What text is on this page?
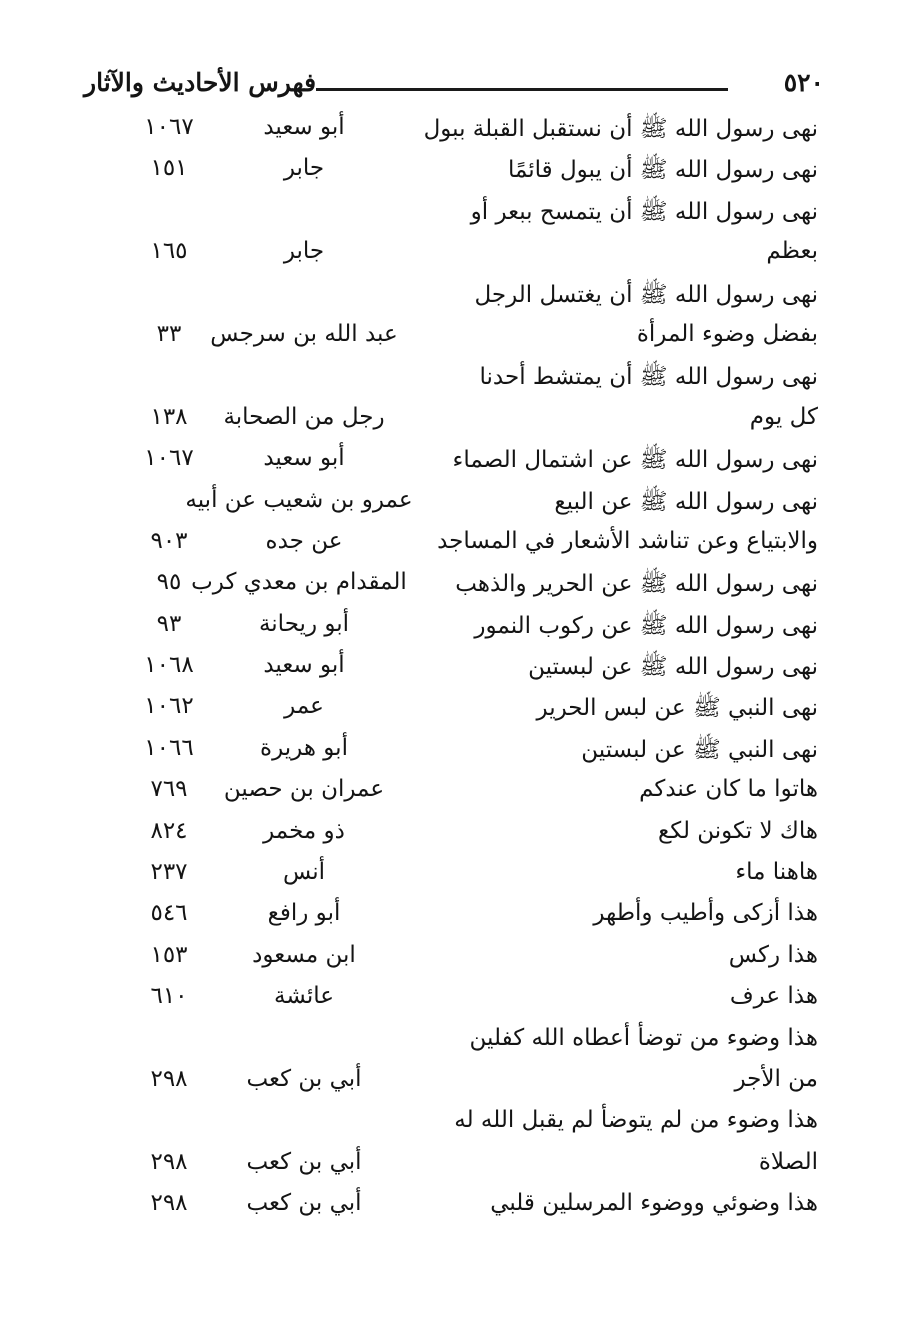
فهرس الأحاديث والآثار	٥٢٠
نهى رسول الله ﷺ أن نستقبل القبلة ببول
أبو سعيد
١٠٦٧
نهى رسول الله ﷺ أن يبول قائمًا
جابر
١٥١
نهى رسول الله ﷺ أن يتمسح ببعر أو
بعظم
جابر
١٦٥
نهى رسول الله ﷺ أن يغتسل الرجل
بفضل وضوء المرأة
عبد الله بن سرجس
٣٣
نهى رسول الله ﷺ أن يمتشط أحدنا
كل يوم
رجل من الصحابة
١٣٨
نهى رسول الله ﷺ عن اشتمال الصماء
أبو سعيد
١٠٦٧
نهى رسول الله ﷺ عن البيع
عمرو بن شعيب عن أبيه
والابتياع وعن تناشد الأشعار في المساجد
عن جده
٩٠٣
نهى رسول الله ﷺ عن الحرير والذهب
المقدام بن معدي كرب
٩٥
نهى رسول الله ﷺ عن ركوب النمور
أبو ريحانة
٩٣
نهى رسول الله ﷺ عن لبستين
أبو سعيد
١٠٦٨
نهى النبي ﷺ عن لبس الحرير
عمر
١٠٦٢
نهى النبي ﷺ عن لبستين
أبو هريرة
١٠٦٦
هاتوا ما كان عندكم
عمران بن حصين
٧٦٩
هاك لا تكونن لكع
ذو مخمر
٨٢٤
هاهنا ماء
أنس
٢٣٧
هذا أزكى وأطيب وأطهر
أبو رافع
٥٤٦
هذا ركس
ابن مسعود
١٥٣
هذا عرف
عائشة
٦١٠
هذا وضوء من توضأ أعطاه الله كفلين
من الأجر
أبي بن كعب
٢٩٨
هذا وضوء من لم يتوضأ لم يقبل الله له
الصلاة
أبي بن كعب
٢٩٨
هذا وضوئي ووضوء المرسلين قلبي
أبي بن كعب
٢٩٨
